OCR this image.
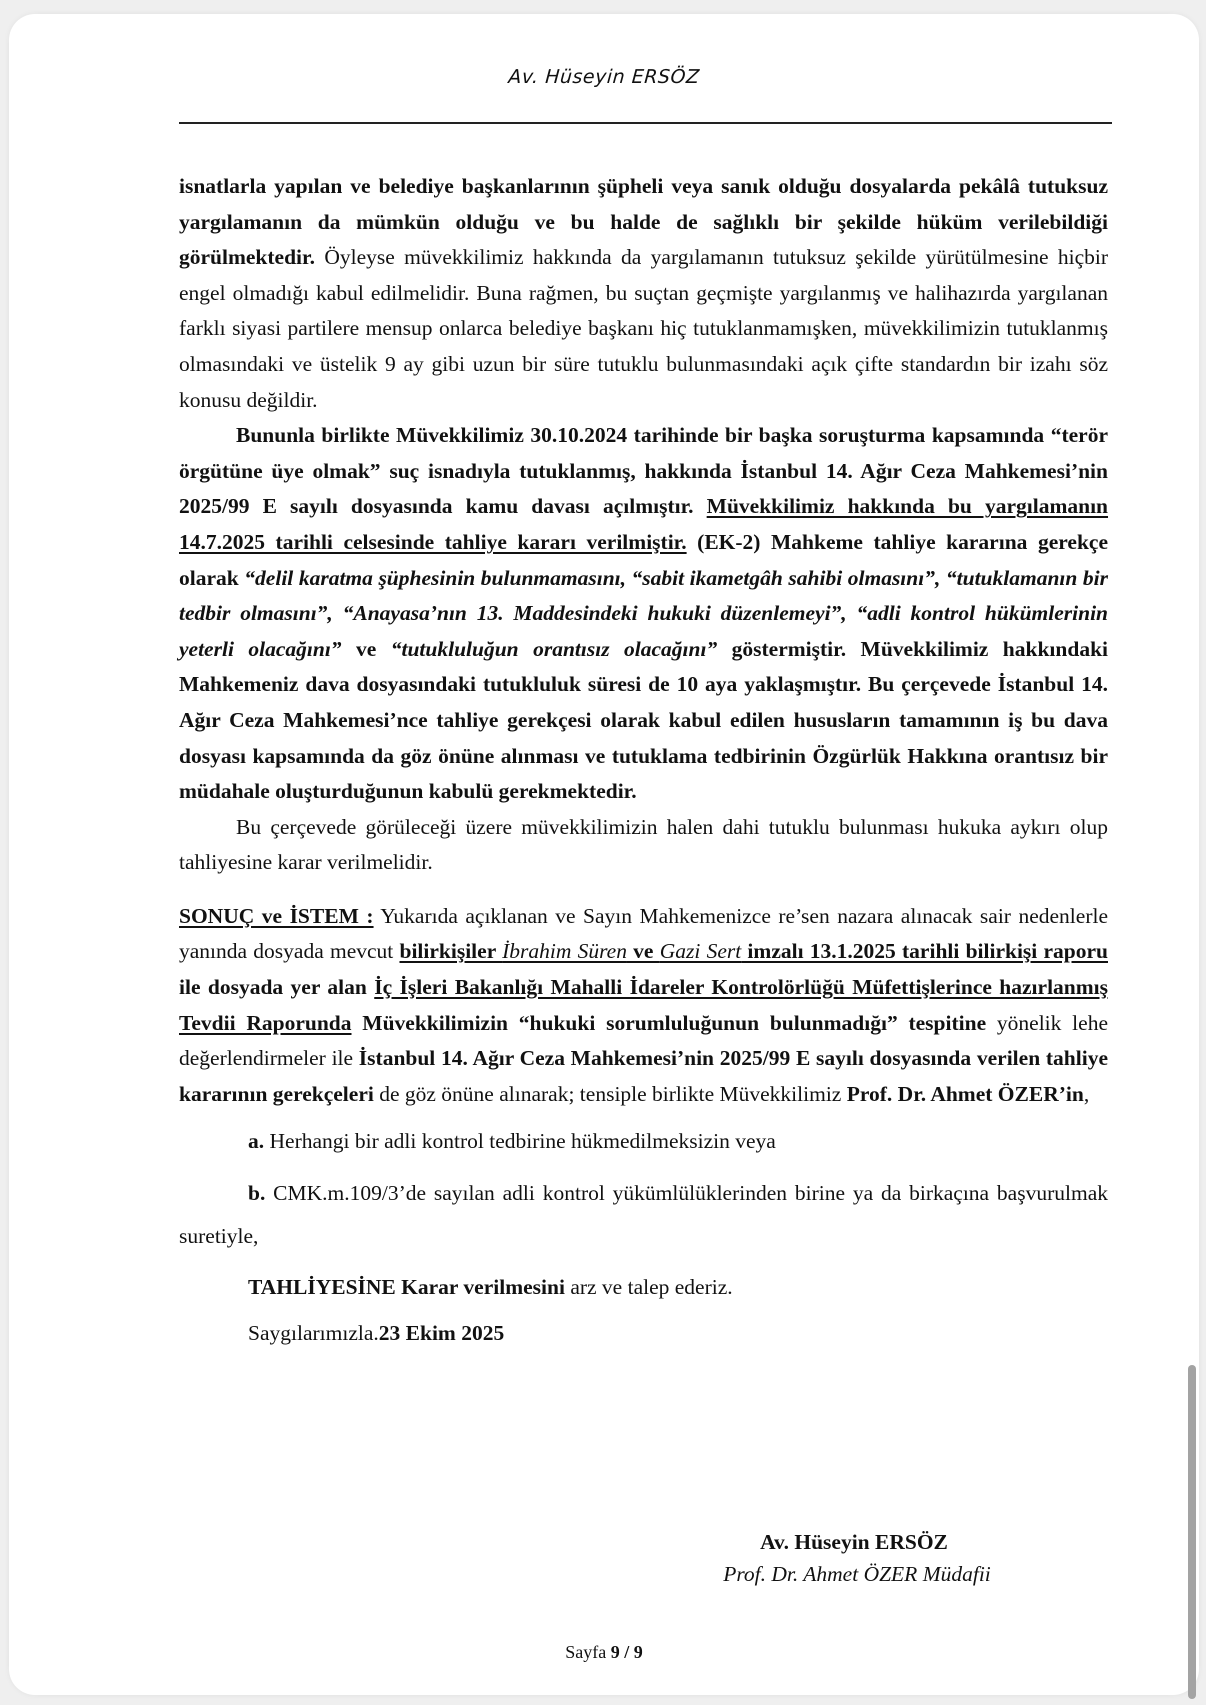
Av. Hüseyin ERSÖZ

isnatlarla yapılan ve belediye başkanlarının şüpheli veya sanık olduğu dosyalarda pekâlâ tutuksuz yargılamanın da mümkün olduğu ve bu halde de sağlıklı bir şekilde hüküm verilebildiği görülmektedir. Öyleyse müvekkilimiz hakkında da yargılamanın tutuksuz şekilde yürütülmesine hiçbir engel olmadığı kabul edilmelidir. Buna rağmen, bu suçtan geçmişte yargılanmış ve halihazırda yargılanan farklı siyasi partilere mensup onlarca belediye başkanı hiç tutuklanmamışken, müvekkilimizin tutuklanmış olmasındaki ve üstelik 9 ay gibi uzun bir süre tutuklu bulunmasındaki açık çifte standardın bir izahı söz konusu değildir.

Bununla birlikte Müvekkilimiz 30.10.2024 tarihinde bir başka soruşturma kapsamında “terör örgütüne üye olmak” suç isnadıyla tutuklanmış, hakkında İstanbul 14. Ağır Ceza Mahkemesi’nin 2025/99 E sayılı dosyasında kamu davası açılmıştır. Müvekkilimiz hakkında bu yargılamanın 14.7.2025 tarihli celsesinde tahliye kararı verilmiştir. (EK-2) Mahkeme tahliye kararına gerekçe olarak “delil karatma şüphesinin bulunmamasını, “sabit ikametgâh sahibi olmasını”, “tutuklamanın bir tedbir olmasını”, “Anayasa’nın 13. Maddesindeki hukuki düzenlemeyi”, “adli kontrol hükümlerinin yeterli olacağını” ve “tutukluluğun orantısız olacağını” göstermiştir. Müvekkilimiz hakkındaki Mahkemeniz dava dosyasındaki tutukluluk süresi de 10 aya yaklaşmıştır. Bu çerçevede İstanbul 14. Ağır Ceza Mahkemesi’nce tahliye gerekçesi olarak kabul edilen hususların tamamının iş bu dava dosyası kapsamında da göz önüne alınması ve tutuklama tedbirinin Özgürlük Hakkına orantısız bir müdahale oluşturduğunun kabulü gerekmektedir.

Bu çerçevede görüleceği üzere müvekkilimizin halen dahi tutuklu bulunması hukuka aykırı olup tahliyesine karar verilmelidir.

SONUÇ ve İSTEM : Yukarıda açıklanan ve Sayın Mahkemenizce re’sen nazara alınacak sair nedenlerle yanında dosyada mevcut bilirkişiler İbrahim Süren ve Gazi Sert imzalı 13.1.2025 tarihli bilirkişi raporu ile dosyada yer alan İç İşleri Bakanlığı Mahalli İdareler Kontrolörlüğü Müfettişlerince hazırlanmış Tevdii Raporunda Müvekkilimizin “hukuki sorumluluğunun bulunmadığı” tespitine yönelik lehe değerlendirmeler ile İstanbul 14. Ağır Ceza Mahkemesi’nin 2025/99 E sayılı dosyasında verilen tahliye kararının gerekçeleri de göz önüne alınarak; tensiple birlikte Müvekkilimiz Prof. Dr. Ahmet ÖZER’in,

a. Herhangi bir adli kontrol tedbirine hükmedilmeksizin veya

b. CMK.m.109/3’de sayılan adli kontrol yükümlülüklerinden birine ya da birkaçına başvurulmak suretiyle,

TAHLİYESİNE Karar verilmesini arz ve talep ederiz.

Saygılarımızla.23 Ekim 2025

Av. Hüseyin ERSÖZ
Prof. Dr. Ahmet ÖZER Müdafii
Sayfa 9 / 9
